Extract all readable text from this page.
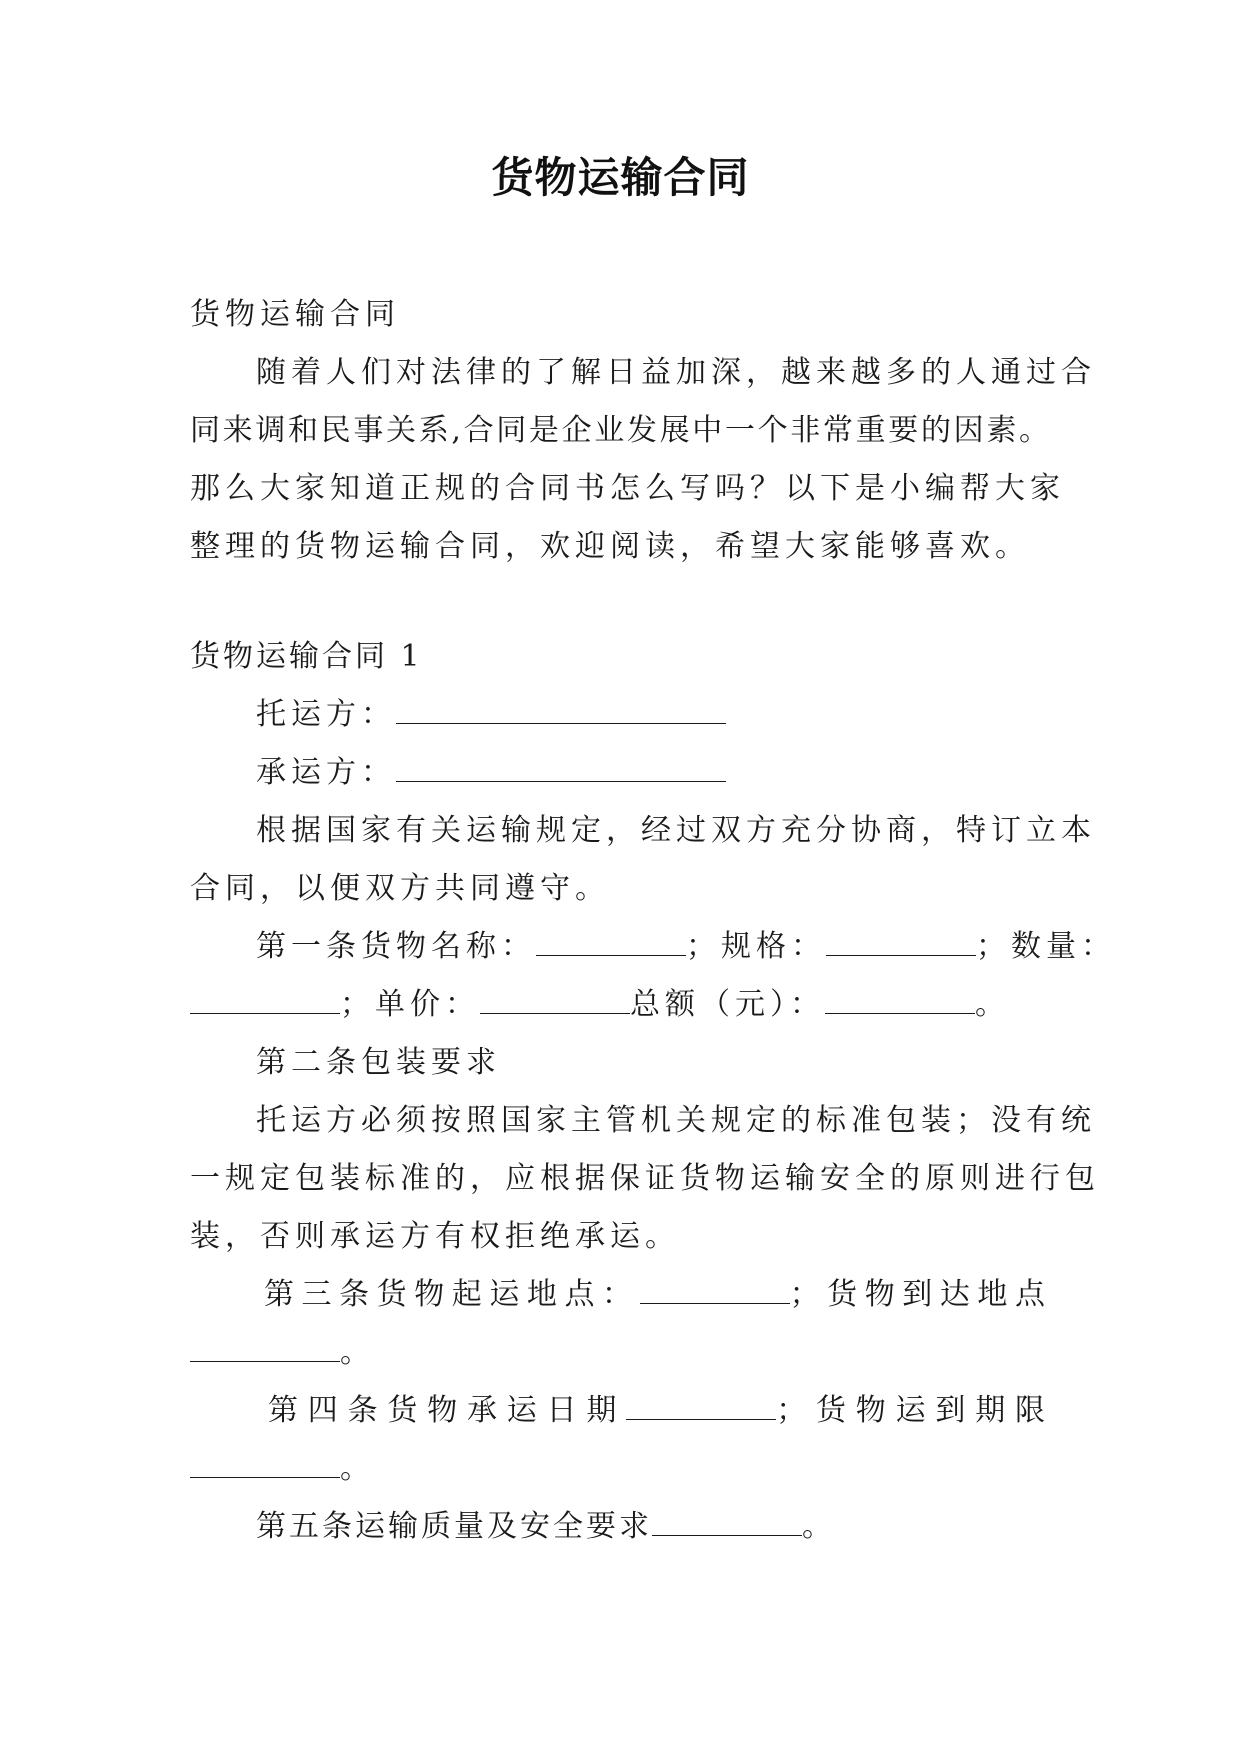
货物运输合同
货物运输合同
随着人们对法律的了解日益加深，越来越多的人通过合
同来调和民事关系,合同是企业发展中一个非常重要的因素。
那么大家知道正规的合同书怎么写吗？以下是小编帮大家
整理的货物运输合同，欢迎阅读，希望大家能够喜欢。
货物运输合同 1
托运方：
承运方：
根据国家有关运输规定，经过双方充分协商，特订立本
合同，以便双方共同遵守。
第一条货物名称：	；规格：	；数量：
；单价：	总额（元）：	。
第二条包装要求
托运方必须按照国家主管机关规定的标准包装；没有统
一规定包装标准的，应根据保证货物运输安全的原则进行包
装，否则承运方有权拒绝承运。
第三条货物起运地点：	；货物到达地点
。
第四条货物承运日期	；货物运到期限
。
第五条运输质量及安全要求	。
